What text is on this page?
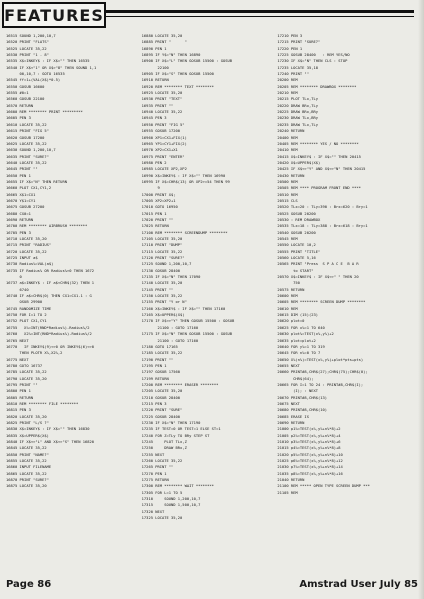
FEATURES
16515 SOUND 1,200,10,7
16520 PRINT "FLATS"
16525 LOCATE 35,22
16530 PRINT "1 - 8"
16535 X$=INKEY$ : IF X$="" THEN 16535
16540 IF X$<"1" OR X$>"8" THEN SOUND 1,1
00,10,7 : GOTO 16535
16545 ff=1+(VAL(X$)*0.5)
16550 GOSUB 16600
16555 #0=1
16560 GOSUB 22100
16570 RETURN
16600 REM ******** PRINT *********
16605 PEN 3
16610 LOCATE 35,22
16615 PRINT "FIG 5"
16620 GOSUB 17200
16625 LOCATE 35,22
16630 SOUND 1,200,10,7
16635 PRINT "SURE?"
16640 LOCATE 35,22
16645 PRINT ""
16650 PEN 1
16655 IF X$="N" THEN RETURN
16660 PLOT CX1,CY1,2
16665 X$1=CX1
16670 Y$1=CY1
16675 GOSUB 27200
16680 CX0=1
16690 RETURN
16700 REM ******** AIRBRUSH ********
16705 PEN 3
16710 LOCATE 35,20
16715 PRINT "RADIUS"
16720 LOCATE 35,22
16725 INPUT a$
16730 Radius%=VAL(a$)
16735 IF Radius% OR Radius%>0 THEN 1672
0
16737 a$=INKEY$ : IF a$<CHR$(32) THEN 1
6740
16740 IF a$=CHR$(0) THEN CX1=CX1-1 : G
OSUB 29900
16745 RANDOMIZE TIME
16750 FOR I=1 TO 2
16752 PLOT CX1,CY1
16755   X%=INT(RND*Radius%)-Radius%/2
16760   X2%=INT(RND*Radius%)-Radius%/2
16765 NEXT
16770   IF INKEY$(9)<>0 OR INKEY$(6)<>0
THEN PLOTR X%,X2%,2
16775 NEXT
16780 GOTO 16737
16785 LOCATE 35,22
16790 LOCATE 35,20
16795 PRINT ""
16800 PEN 1
16805 RETURN
16810 REM ******** FILE ********
16815 PEN 3
16820 LOCATE 35,20
16825 PRINT "L/S ?"
16830 X$=INKEY$ : IF X$="" THEN 16830
16835 X$=UPPER$(X$)
16840 IF X$<>"L" AND X$<>"S" THEN 16820
16845 LOCATE 35,22
16850 PRINT "NAME?"
16855 LOCATE 35,22
16860 INPUT FILENAME
16865 LOCATE 35,22
16870 PRINT "SURE?"
16875 LOCATE 35,20
16880 LOCATE 35,20
16885 PRINT "      "
16890 PEN 1
16895 IF Y$="N" THEN 16890
16900 IF X$="L" THEN GOSUB 15500 : GOSUB
22100
16905 IF X$="S" THEN GOSUB 15500
16910 RETURN
16920 REM ******** TEXT ********
16925 LOCATE 35,20
16930 PRINT "TEXT"
16935 PRINT ""
16940 LOCATE 35,22
16945 PEN 3
16950 PRINT "FIG 5"
16955 GOSUB 17200
16960 XP1=CX1+FIX(1)
16965 YP1=CY1+FIX(2)
16970 XP2=CX1+X1
16975 PRINT "ENTER"
16980 PEN 2
16985 LOCATE XP2,XP2
16990 X$=INKEY$ : IF X$="" THEN 16990
16995 IF X$=CHR$(13) OR XP2>=54 THEN 99
9
17000 PRINT X$;
17005 XP2=XP2+1
17010 GOTO 16950
17015 PEN 1
17020 PRINT ""
17025 RETURN
17100 REM ******** SCREENDUMP ********
17105 LOCATE 35,20
17110 PRINT "DUMP"
17115 LOCATE 35,22
17120 PRINT "SURE?"
17125 SOUND 1,200,10,7
17130 GOSUB 28400
17135 IF X$="N" THEN 17090
17140 LOCATE 35,20
17145 PRINT ""
17150 LOCATE 35,22
17155 PRINT "Y or N"
17160 X$=INKEY$ : IF X$="" THEN 17160
17165 X$=UPPER$(X$)
17170 IF X$<>"Y" THEN GOSUB 15500 : GOSUB
21100 : GOTO 17160
17175 IF X$="N" THEN GOSUB 15500 : GOSUB
21100 : GOTO 17160
17180 GOTO 17165
17185 LOCATE 35,22
17190 PRINT ""
17195 PEN 1
17197 GOSUB 17560
17199 RETURN
17200 REM ******** ERASER ********
17205 LOCATE 35,20
17210 GOSUB 28400
17215 PEN 3
17220 PRINT "SURE"
17225 GOSUB 28400
17230 IF X$="N" THEN 17190
17235 IF TEST=0 OR TEST=1 ELSE ST=1
17240 FOR Z=TLy TO BRy STEP ST
17245     PLOT TLx,Z
17250     DRAW BRx,Z
17255 NEXT
17260 LOCATE 35,22
17265 PRINT ""
17270 PEN 1
17275 RETURN
17300 REM ******** WAIT ********
17305 FOR L=1 TO 5
17310     SOUND 1,200,10,7
17315     SOUND 1,500,10,7
17320 NEXT
17325 LOCATE 35,20
17210 PEN 3
17215 PRINT "SURE?"
17220 PEN 1
17225 GOSUB 28400   : REM YES/NO
17230 IF X$="N" THEN CLS : STOP
17235 LOCATE 35,18
17240 PRINT ""
20200 REM
20205 REM ******** DRAWBOX ********
20210 REM
20215 PLOT TLx,TLy
20220 DRAW BRx,TLy
20225 DRAW BRx,BRy
20230 DRAW TLx,BRy
20235 DRAW TLx,TLy
20240 RETURN
20400 REM
20405 REM ******** YES / NO ********
20410 REM
20415 X$=INKEY$ : IF X$="" THEN 20415
20420 X$=UPPER$(X$)
20425 IF X$<>"Y" AND X$<>"N" THEN 20415
20430 RETURN
20500 REM
20505 REM **** PROGRAM FRONT END ****
20510 REM
20515 CLS
20520 TLx=20 : TLy=390 : Brx=620 : Bry=1
20525 GOSUB 20200
20530 : REM DRAWBOX
20535 TLx=18 : TLy=388 : Brx=618 : Bry=1
20540 GOSUB 20200
20545 REM
20550 LOCATE 10,2
20555 PRINT "TITLE"
20560 LOCATE 5,16
20565 PRINT "Press  S P A C E  B A R
to START"
20570 X$=INKEY$ : IF X$<>" " THEN 20
750
20575 RETURN
20600 REM
20605 REM ******** SCREEN DUMP ********
20610 REM
20615 DIM (15)(23)
20620 plot=0
20625 FOR x%=1 TO 640
20630 plot%=TEST(x%,y%)+2
20635 plot=plot+2
20640 FOR y%=1 TO 319
20645 FOR n%=0 TO 7
20650 X%(n%)=TEST(x%,y%)+plot*pts+pts)
20655 NEXT
20660 PRINT#8,CHR$(27);CHR$(75);CHR$(0);
CHR$(64);
20665 FOR I=1 TO 24 : PRINT#8,CHR$(I);
(I); : NEXT
20670 PRINT#8,CHR$(13)
20675 NEXT
20680 PRINT#8,CHR$(10)
20685 ERASE IS
20690 RETURN
21000 p1%=TEST(x%,y%+n%*8)+2
21005 p2%=TEST(x%,y%+n%*8)+4
21010 p3%=TEST(x%,y%+n%*8)+6
21015 p4%=TEST(x%,y%+n%*8)+8
21020 p5%=TEST(x%,y%+n%*8)+10
21025 p6%=TEST(x%,y%+n%*8)+12
21030 p7%=TEST(x%,y%+n%*8)+14
21035 p8%=TEST(x%,y%+n%*8)+16
21040 RETURN
21100 REM ***** OPEN TYPE SCREEN DUMP ***
21105 REM
Page 86	Amstrad User July 85
